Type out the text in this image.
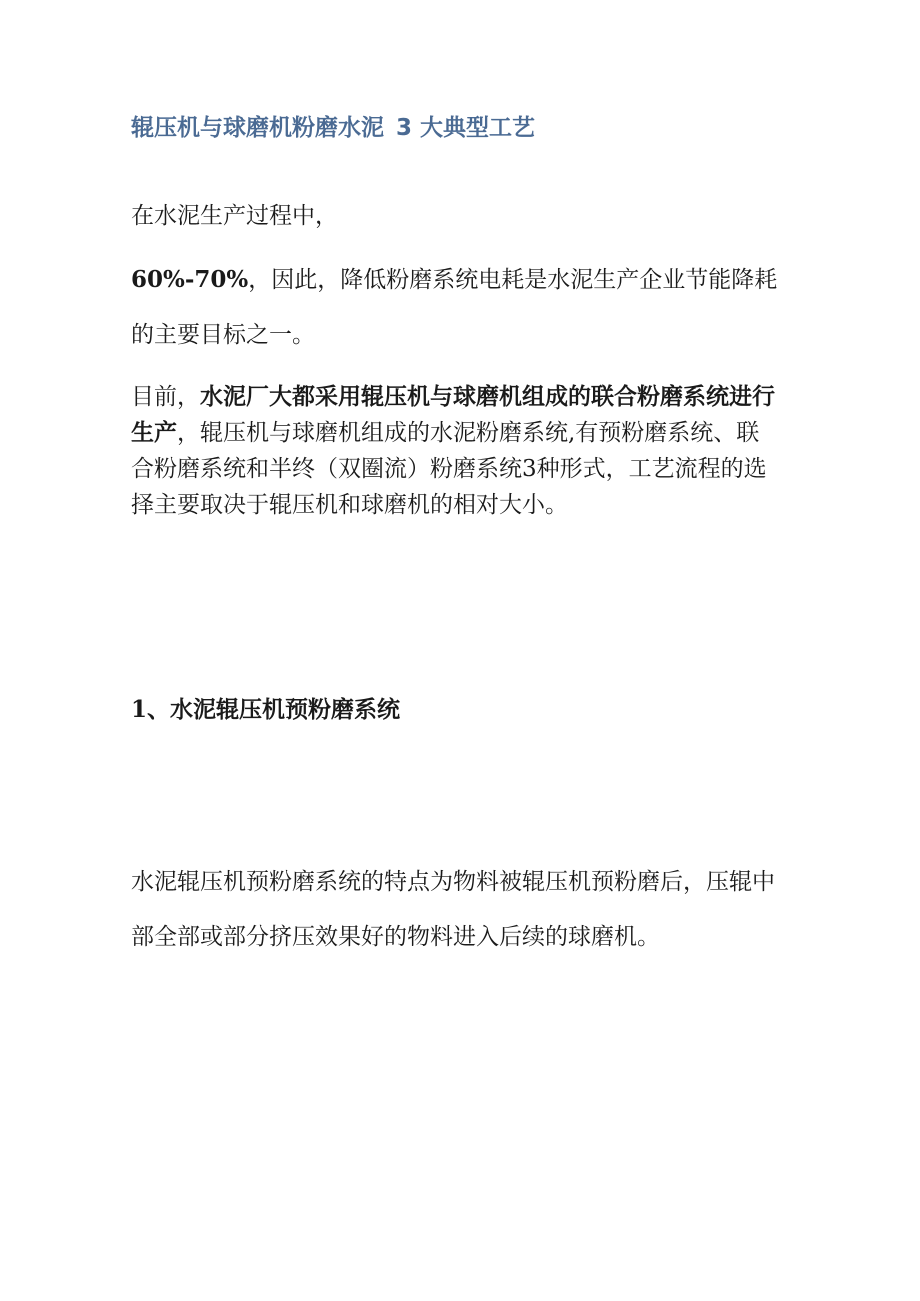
辊压机与球磨机粉磨水泥 3 大典型工艺

在水泥生产过程中，

60%-70%，因此，降低粉磨系统电耗是水泥生产企业节能降耗的主要目标之一。

目前，水泥厂大都采用辊压机与球磨机组成的联合粉磨系统进行生产，辊压机与球磨机组成的水泥粉磨系统,有预粉磨系统、联合粉磨系统和半终（双圈流）粉磨系统3种形式，工艺流程的选择主要取决于辊压机和球磨机的相对大小。

1、水泥辊压机预粉磨系统

水泥辊压机预粉磨系统的特点为物料被辊压机预粉磨后，压辊中部全部或部分挤压效果好的物料进入后续的球磨机。
